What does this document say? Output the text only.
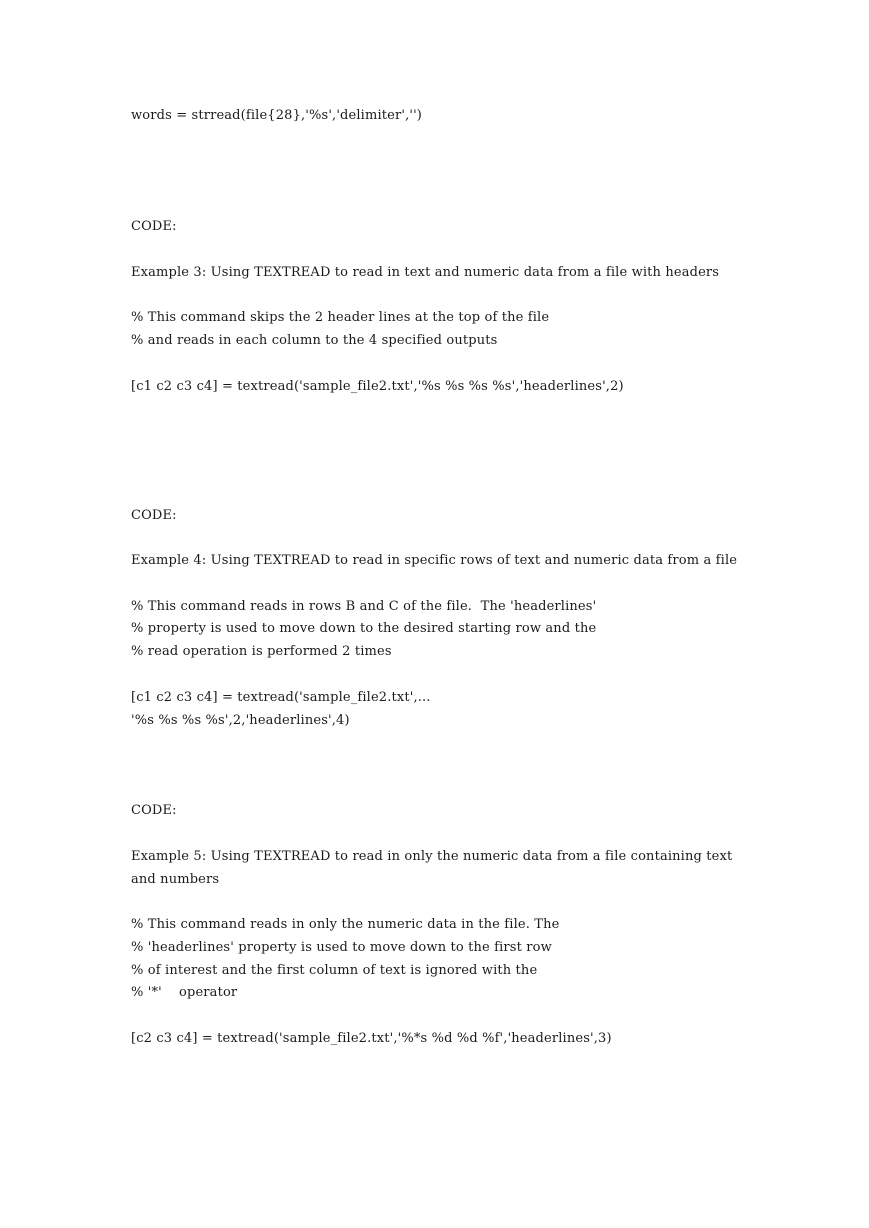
words = strread(file{28},'%s','delimiter','')
CODE:
Example 3: Using TEXTREAD to read in text and numeric data from a file with headers
% This command skips the 2 header lines at the top of the file
% and reads in each column to the 4 specified outputs
[c1 c2 c3 c4] = textread('sample_file2.txt','%s %s %s %s','headerlines',2)
CODE:
Example 4: Using TEXTREAD to read in specific rows of text and numeric data from a file
% This command reads in rows B and C of the file.  The 'headerlines'
% property is used to move down to the desired starting row and the
% read operation is performed 2 times
[c1 c2 c3 c4] = textread('sample_file2.txt',...
'%s %s %s %s',2,'headerlines',4)
CODE:
Example 5: Using TEXTREAD to read in only the numeric data from a file containing text
and numbers
% This command reads in only the numeric data in the file. The
% 'headerlines' property is used to move down to the first row
% of interest and the first column of text is ignored with the
% '*'    operator
[c2 c3 c4] = textread('sample_file2.txt','%*s %d %d %f','headerlines',3)
